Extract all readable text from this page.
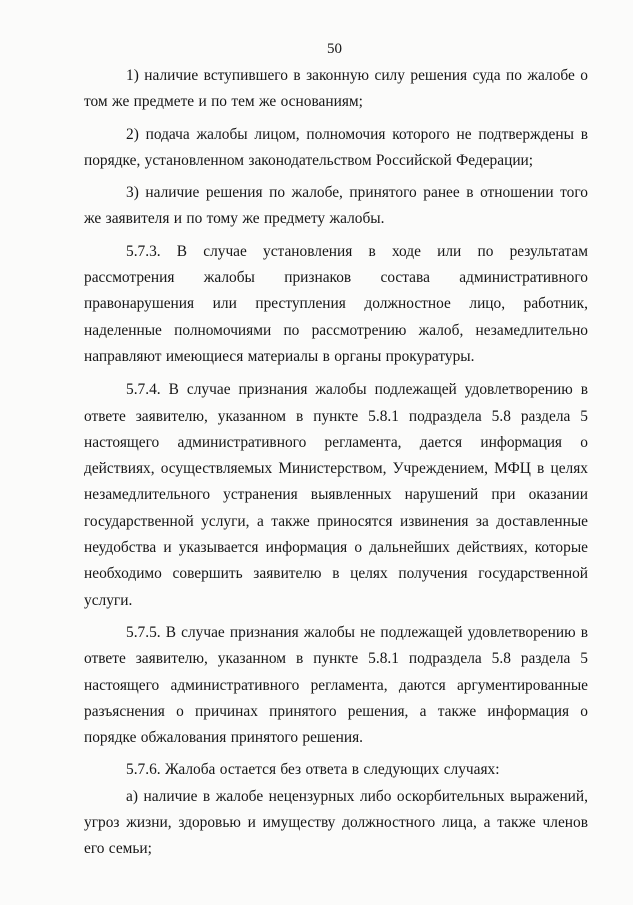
50

1) наличие вступившего в законную силу решения суда по жалобе о том же предмете и по тем же основаниям;

2) подача жалобы лицом, полномочия которого не подтверждены в порядке, установленном законодательством Российской Федерации;

3) наличие решения по жалобе, принятого ранее в отношении того же заявителя и по тому же предмету жалобы.

5.7.3. В случае установления в ходе или по результатам рассмотрения жалобы признаков состава административного правонарушения или преступления должностное лицо, работник, наделенные полномочиями по рассмотрению жалоб, незамедлительно направляют имеющиеся материалы в органы прокуратуры.

5.7.4. В случае признания жалобы подлежащей удовлетворению в ответе заявителю, указанном в пункте 5.8.1 подраздела 5.8 раздела 5 настоящего административного регламента, дается информация о действиях, осуществляемых Министерством, Учреждением, МФЦ в целях незамедлительного устранения выявленных нарушений при оказании государственной услуги, а также приносятся извинения за доставленные неудобства и указывается информация о дальнейших действиях, которые необходимо совершить заявителю в целях получения государственной услуги.

5.7.5. В случае признания жалобы не подлежащей удовлетворению в ответе заявителю, указанном в пункте 5.8.1 подраздела 5.8 раздела 5 настоящего административного регламента, даются аргументированные разъяснения о причинах принятого решения, а также информация о порядке обжалования принятого решения.

5.7.6. Жалоба остается без ответа в следующих случаях:

а) наличие в жалобе нецензурных либо оскорбительных выражений, угроз жизни, здоровью и имуществу должностного лица, а также членов его семьи;
